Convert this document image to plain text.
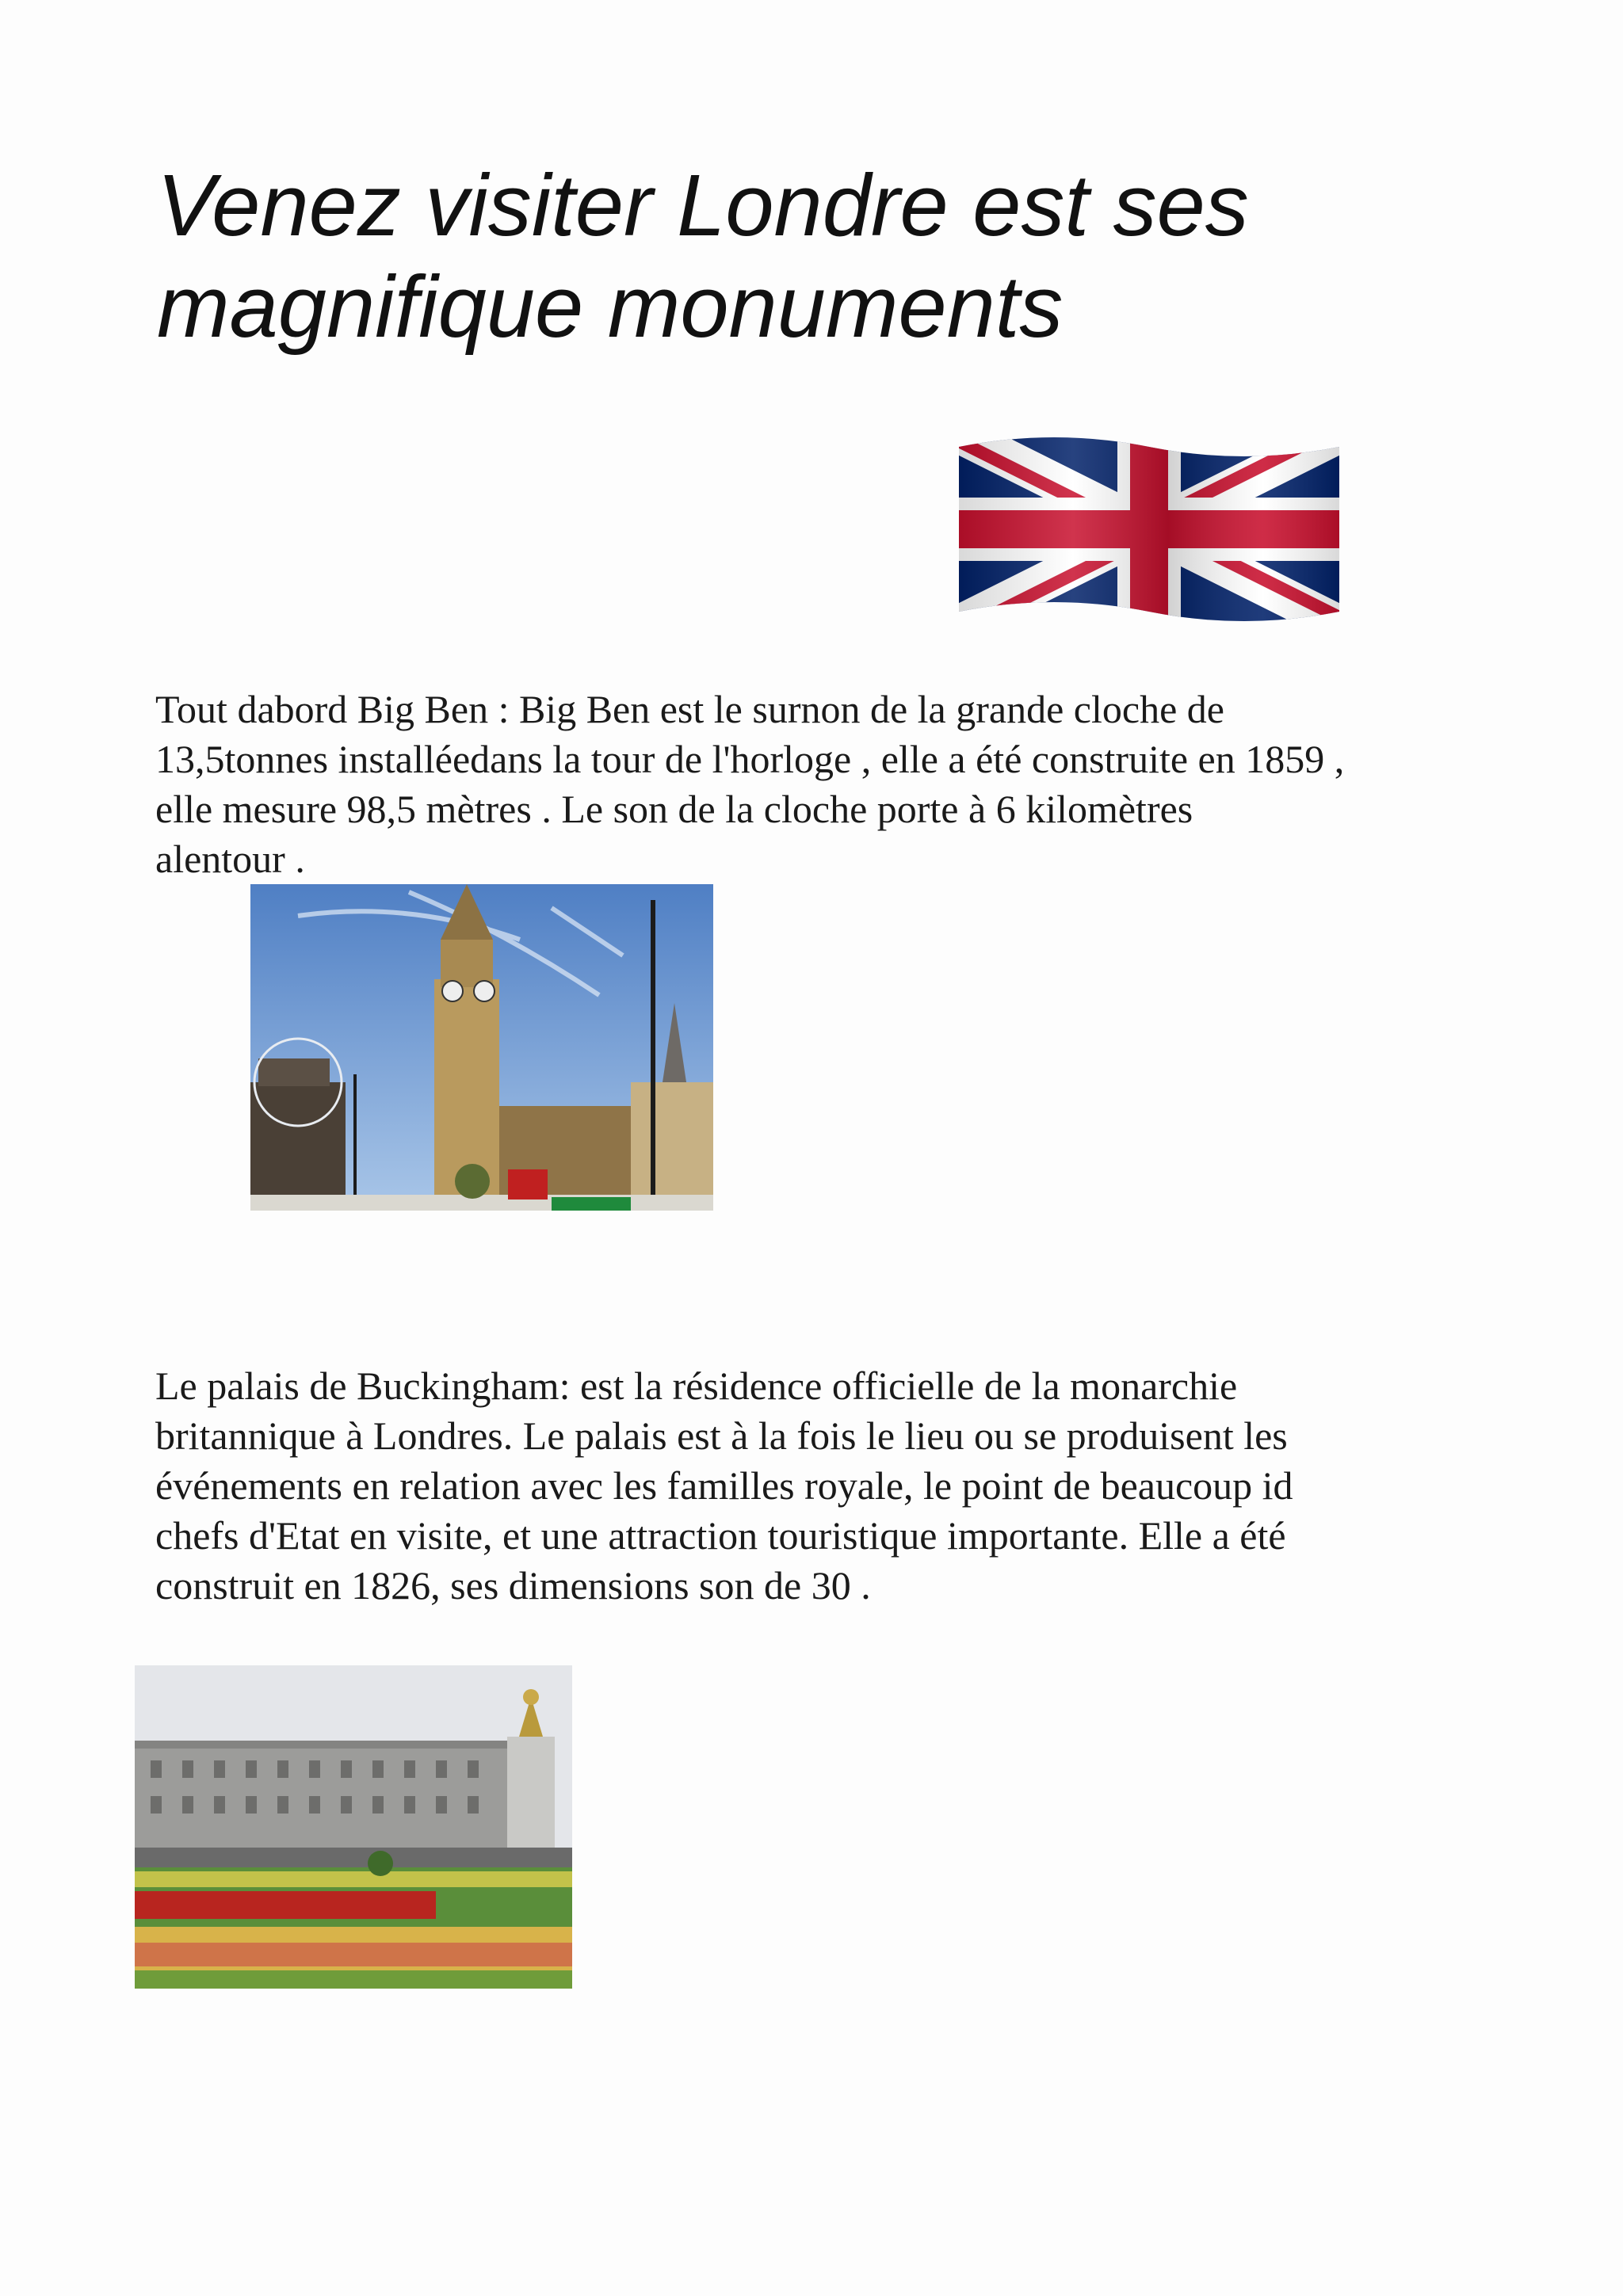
Venez visiter Londre est ses
magnifique monuments

Tout dabord Big Ben : Big Ben est le surnon de la grande cloche de
13,5tonnes installéedans la tour de l'horloge , elle a été construite en 1859 ,
elle mesure 98,5 mètres . Le son de la cloche porte à 6 kilomètres
alentour .

Le palais de Buckingham: est la résidence officielle de la monarchie
britannique à Londres. Le palais est à la fois le lieu ou se produisent les
événements en relation avec les familles royale, le point de beaucoup id
chefs d'Etat en visite, et une attraction touristique importante. Elle a été
construit en 1826, ses dimensions son de 30 .
